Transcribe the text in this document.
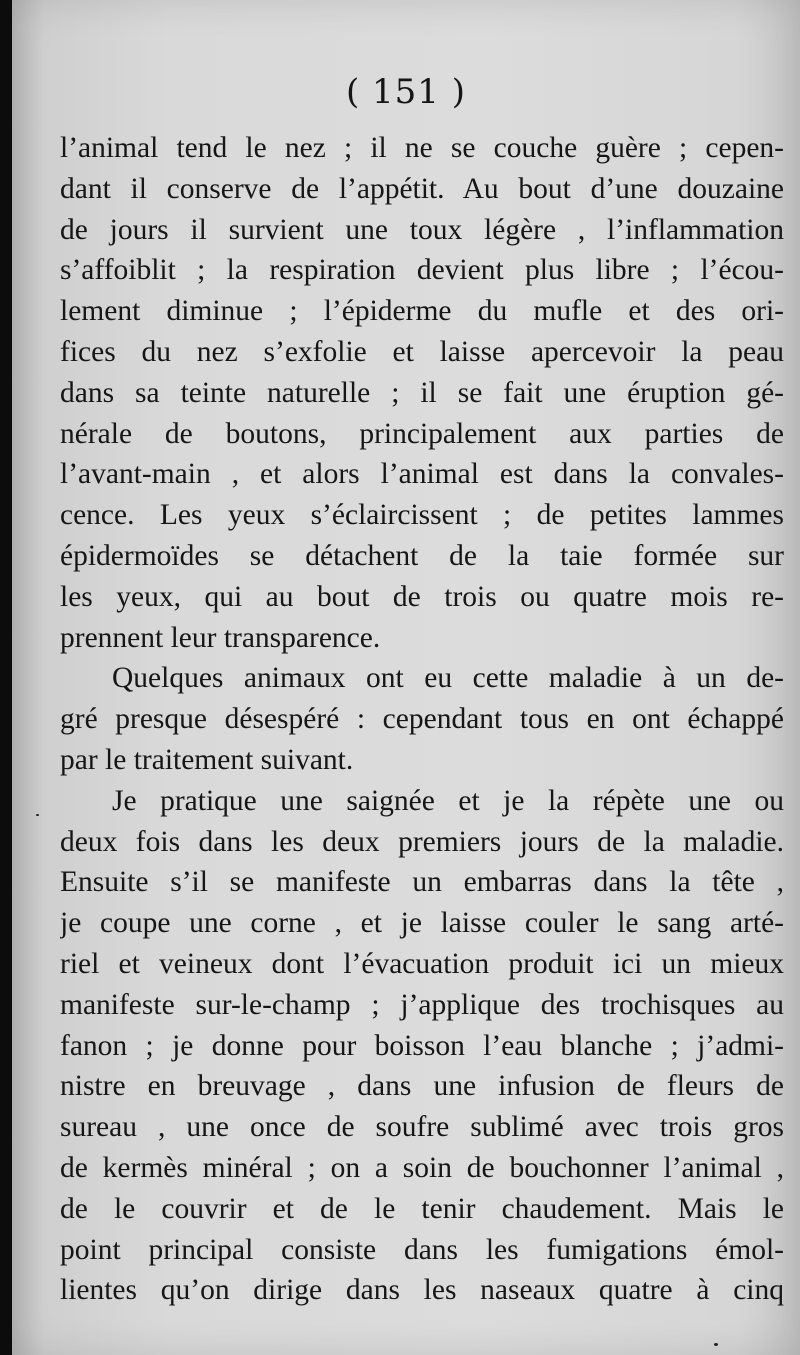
( 151 )
l’animal tend le nez ; il ne se couche guère ; cepen-
dant il conserve de l’appétit. Au bout d’une douzaine
de jours il survient une toux légère , l’inflammation
s’affoiblit ; la respiration devient plus libre ; l’écou-
lement diminue ; l’épiderme du mufle et des ori-
fices du nez s’exfolie et laisse apercevoir la peau
dans sa teinte naturelle ; il se fait une éruption gé-
nérale de boutons, principalement aux parties de
l’avant-main , et alors l’animal est dans la convales-
cence. Les yeux s’éclaircissent ; de petites lammes
épidermoïdes se détachent de la taie formée sur
les yeux, qui au bout de trois ou quatre mois re-
prennent leur transparence.
Quelques animaux ont eu cette maladie à un de-
gré presque désespéré : cependant tous en ont échappé
par le traitement suivant.
Je pratique une saignée et je la répète une ou
deux fois dans les deux premiers jours de la maladie.
Ensuite s’il se manifeste un embarras dans la tête ,
je coupe une corne , et je laisse couler le sang arté-
riel et veineux dont l’évacuation produit ici un mieux
manifeste sur-le-champ ; j’applique des trochisques au
fanon ; je donne pour boisson l’eau blanche ; j’admi-
nistre en breuvage , dans une infusion de fleurs de
sureau , une once de soufre sublimé avec trois gros
de kermès minéral ; on a soin de bouchonner l’animal ,
de le couvrir et de le tenir chaudement. Mais le
point principal consiste dans les fumigations émol-
lientes qu’on dirige dans les naseaux quatre à cinq
